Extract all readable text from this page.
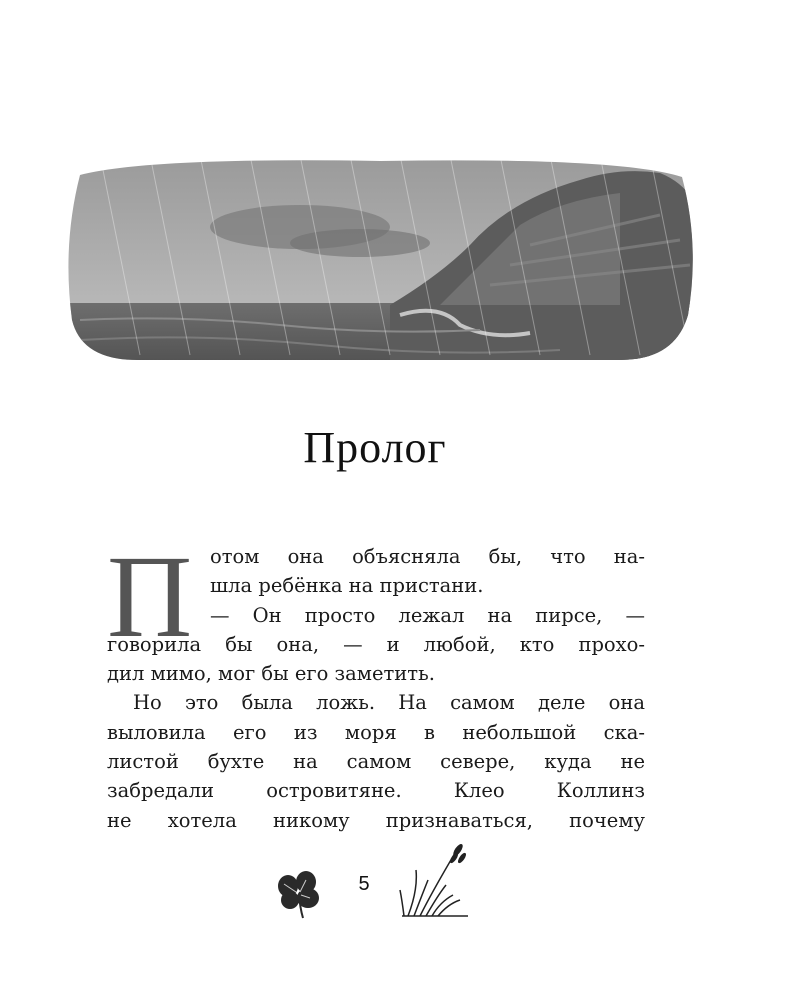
Пролог
П отом она объясняла бы, что на-
шла ребёнка на пристани.
— Он просто лежал на пирсе, —
говорила бы она, — и любой, кто прохо-
дил мимо, мог бы его заметить.
Но это была ложь. На самом деле она
выловила его из моря в небольшой ска-
листой бухте на самом севере, куда не
забредали островитяне. Клео Коллинз
не хотела никому признаваться, почему
5
